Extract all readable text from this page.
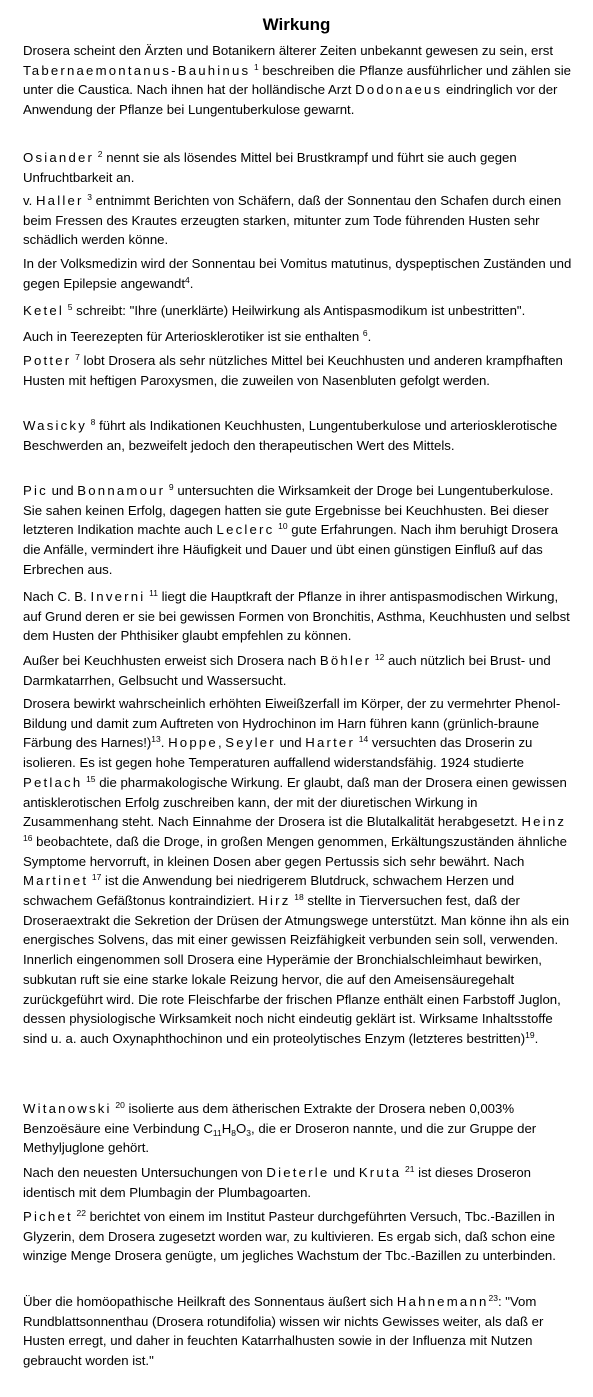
Wirkung

Drosera scheint den Ärzten und Botanikern älterer Zeiten unbekannt gewesen zu sein, erst Tabernaemontanus-Bauhinus $^1$ beschreiben die Pflanze ausführlicher und zählen sie unter die Caustica. Nach ihnen hat der holländische Arzt Dodonaeus eindringlich vor der Anwendung der Pflanze bei Lungentuberkulose gewarnt.

Osiander $^2$ nennt sie als lösendes Mittel bei Brustkrampf und führt sie auch gegen Unfruchtbarkeit an.

v. Haller $^3$ entnimmt Berichten von Schäfern, daß der Sonnentau den Schafen durch einen beim Fressen des Krautes erzeugten starken, mitunter zum Tode führenden Husten sehr schädlich werden könne.

In der Volksmedizin wird der Sonnentau bei Vomitus matutinus, dyspeptischen Zuständen und gegen Epilepsie angewandt$^4$.

Ketel $^5$ schreibt: "Ihre (unerklärte) Heilwirkung als Antispasmodikum ist unbestritten".

Auch in Teerezepten für Arteriosklerotiker ist sie enthalten $^6$.

Potter $^7$ lobt Drosera als sehr nützliches Mittel bei Keuchhusten und anderen krampfhaften Husten mit heftigen Paroxysmen, die zuweilen von Nasenbluten gefolgt werden.

Wasicky $^8$ führt als Indikationen Keuchhusten, Lungentuberkulose und arteriosklerotische Beschwerden an, bezweifelt jedoch den therapeutischen Wert des Mittels.

Pic und Bonnamour $^9$ untersuchten die Wirksamkeit der Droge bei Lungentuberkulose. Sie sahen keinen Erfolg, dagegen hatten sie gute Ergebnisse bei Keuchhusten. Bei dieser letzteren Indikation machte auch Leclerc $^{10}$ gute Erfahrungen. Nach ihm beruhigt Drosera die Anfälle, vermindert ihre Häufigkeit und Dauer und übt einen günstigen Einfluß auf das Erbrechen aus.

Nach C. B. Inverni $^{11}$ liegt die Hauptkraft der Pflanze in ihrer antispasmodischen Wirkung, auf Grund deren er sie bei gewissen Formen von Bronchitis, Asthma, Keuchhusten und selbst dem Husten der Phthisiker glaubt empfehlen zu können.

Außer bei Keuchhusten erweist sich Drosera nach Böhler $^{12}$ auch nützlich bei Brust- und Darmkatarrhen, Gelbsucht und Wassersucht.

Drosera bewirkt wahrscheinlich erhöhten Eiweißzerfall im Körper, der zu vermehrter Phenol-Bildung und damit zum Auftreten von Hydrochinon im Harn führen kann (grünlich-braune Färbung des Harnes!)$^{13}$. Hoppe, Seyler und Harter $^{14}$ versuchten das Droserin zu isolieren. Es ist gegen hohe Temperaturen auffallend widerstandsfähig. 1924 studierte Petlach $^{15}$ die pharmakologische Wirkung. Er glaubt, daß man der Drosera einen gewissen antisklerotischen Erfolg zuschreiben kann, der mit der diuretischen Wirkung in Zusammenhang steht. Nach Einnahme der Drosera ist die Blutalkalität herabgesetzt. Heinz $^{16}$ beobachtete, daß die Droge, in großen Mengen genommen, Erkältungszuständen ähnliche Symptome hervorruft, in kleinen Dosen aber gegen Pertussis sich sehr bewährt. Nach Martinet $^{17}$ ist die Anwendung bei niedrigerem Blutdruck, schwachem Herzen und schwachem Gefäßtonus kontraindiziert. Hirz $^{18}$ stellte in Tierversuchen fest, daß der Droseraextrakt die Sekretion der Drüsen der Atmungswege unterstützt. Man könne ihn als ein energisches Solvens, das mit einer gewissen Reizfähigkeit verbunden sein soll, verwenden. Innerlich eingenommen soll Drosera eine Hyperämie der Bronchialschleimhaut bewirken, subkutan ruft sie eine starke lokale Reizung hervor, die auf den Ameisensäuregehalt zurückgeführt wird. Die rote Fleischfarbe der frischen Pflanze enthält einen Farbstoff Juglon, dessen physiologische Wirksamkeit noch nicht eindeutig geklärt ist. Wirksame Inhaltsstoffe sind u. a. auch Oxynaphthochinon und ein proteolytisches Enzym (letzteres bestritten)$^{19}$.

Witanowski $^{20}$ isolierte aus dem ätherischen Extrakte der Drosera neben 0,003% Benzoësäure eine Verbindung $C_{11}H_8O_3$, die er Droseron nannte, und die zur Gruppe der Methyljuglone gehört.

Nach den neuesten Untersuchungen von Dieterle und Kruta $^{21}$ ist dieses Droseron identisch mit dem Plumbagin der Plumbagoarten.

Pichet $^{22}$ berichtet von einem im Institut Pasteur durchgeführten Versuch, Tbc.-Bazillen in Glyzerin, dem Drosera zugesetzt worden war, zu kultivieren. Es ergab sich, daß schon eine winzige Menge Drosera genügte, um jegliches Wachstum der Tbc.-Bazillen zu unterbinden.

Über die homöopathische Heilkraft des Sonnentaus äußert sich Hahnemann$^{23}$: "Vom Rundblattsonnenthau (Drosera rotundifolia) wissen wir nichts Gewisses weiter, als daß er Husten erregt, und daher in feuchten Katarrhalhusten sowie in der Influenza mit Nutzen gebraucht worden ist."
